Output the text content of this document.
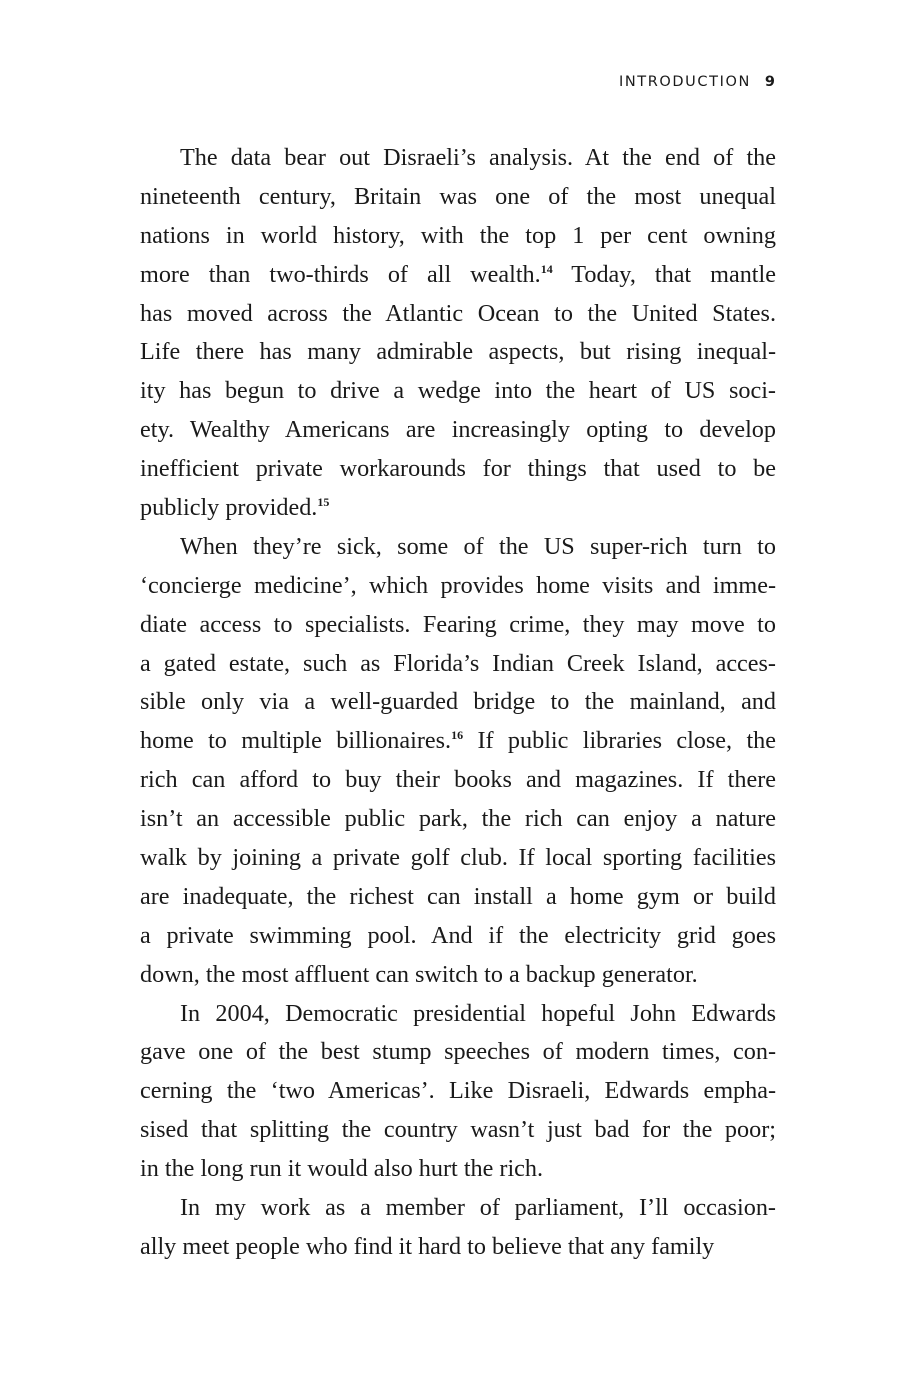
INTRODUCTION 9
The data bear out Disraeli’s analysis. At the end of the
nineteenth century, Britain was one of the most unequal
nations in world history, with the top 1 per cent owning
more than two-thirds of all wealth.$^{14}$ Today, that mantle
has moved across the Atlantic Ocean to the United States.
Life there has many admirable aspects, but rising inequal-
ity has begun to drive a wedge into the heart of US soci-
ety. Wealthy Americans are increasingly opting to develop
inefficient private workarounds for things that used to be
publicly provided.$^{15}$
When they’re sick, some of the US super-rich turn to
‘concierge medicine’, which provides home visits and imme-
diate access to specialists. Fearing crime, they may move to
a gated estate, such as Florida’s Indian Creek Island, acces-
sible only via a well-guarded bridge to the mainland, and
home to multiple billionaires.$^{16}$ If public libraries close, the
rich can afford to buy their books and magazines. If there
isn’t an accessible public park, the rich can enjoy a nature
walk by joining a private golf club. If local sporting facilities
are inadequate, the richest can install a home gym or build
a private swimming pool. And if the electricity grid goes
down, the most affluent can switch to a backup generator.
In 2004, Democratic presidential hopeful John Edwards
gave one of the best stump speeches of modern times, con-
cerning the ‘two Americas’. Like Disraeli, Edwards empha-
sised that splitting the country wasn’t just bad for the poor;
in the long run it would also hurt the rich.
In my work as a member of parliament, I’ll occasion-
ally meet people who find it hard to believe that any family
